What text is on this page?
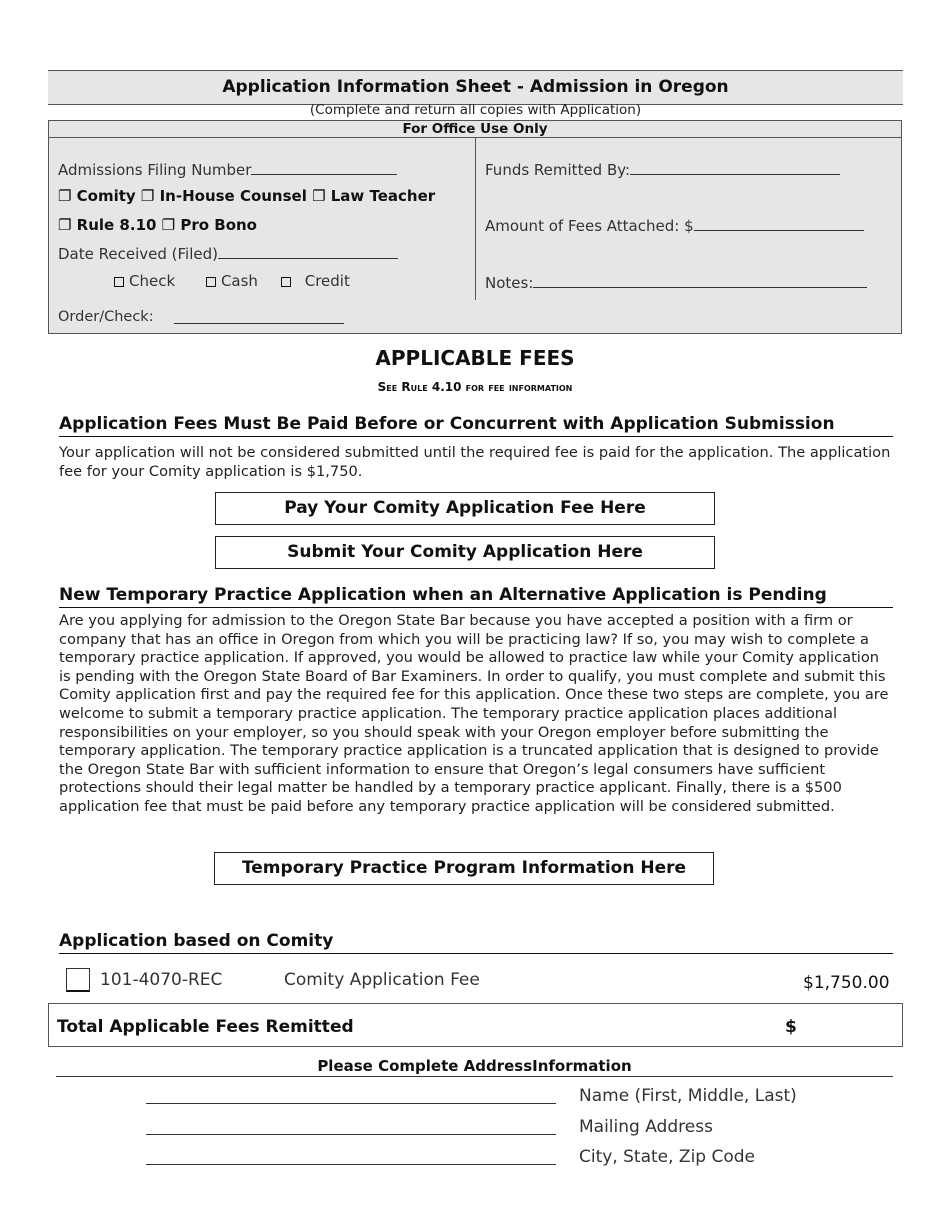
Application Information Sheet - Admission in Oregon
(Complete and return all copies with Application)
For Office Use Only
Admissions Filing Number
❐ Comity ❐ In-House Counsel ❐ Law Teacher
❐ Rule 8.10 ❐ Pro Bono
Date Received (Filed)
Check	Cash	Credit
Order/Check:	___
Funds Remitted By:
Amount of Fees Attached: $
Notes:
APPLICABLE FEES
See Rule 4.10 for fee information
Application Fees Must Be Paid Before or Concurrent with Application Submission
Your application will not be considered submitted until the required fee is paid for the application. The application fee for your Comity application is $1,750.
Pay Your Comity Application Fee Here
Submit Your Comity Application Here
New Temporary Practice Application when an Alternative Application is Pending
Are you applying for admission to the Oregon State Bar because you have accepted a position with a firm or company that has an office in Oregon from which you will be practicing law? If so, you may wish to complete a temporary practice application. If approved, you would be allowed to practice law while your Comity application is pending with the Oregon State Board of Bar Examiners. In order to qualify, you must complete and submit this Comity application first and pay the required fee for this application. Once these two steps are complete, you are welcome to submit a temporary practice application. The temporary practice application places additional responsibilities on your employer, so you should speak with your Oregon employer before submitting the temporary application. The temporary practice application is a truncated application that is designed to provide the Oregon State Bar with sufficient information to ensure that Oregon’s legal consumers have sufficient protections should their legal matter be handled by a temporary practice applicant. Finally, there is a $500 application fee that must be paid before any temporary practice application will be considered submitted.
Temporary Practice Program Information Here
Application based on Comity
101-4070-REC	Comity Application Fee	$1,750.00
Total Applicable Fees Remitted	$
Please Complete AddressInformation
Name (First, Middle, Last)
Mailing Address
City, State, Zip Code
